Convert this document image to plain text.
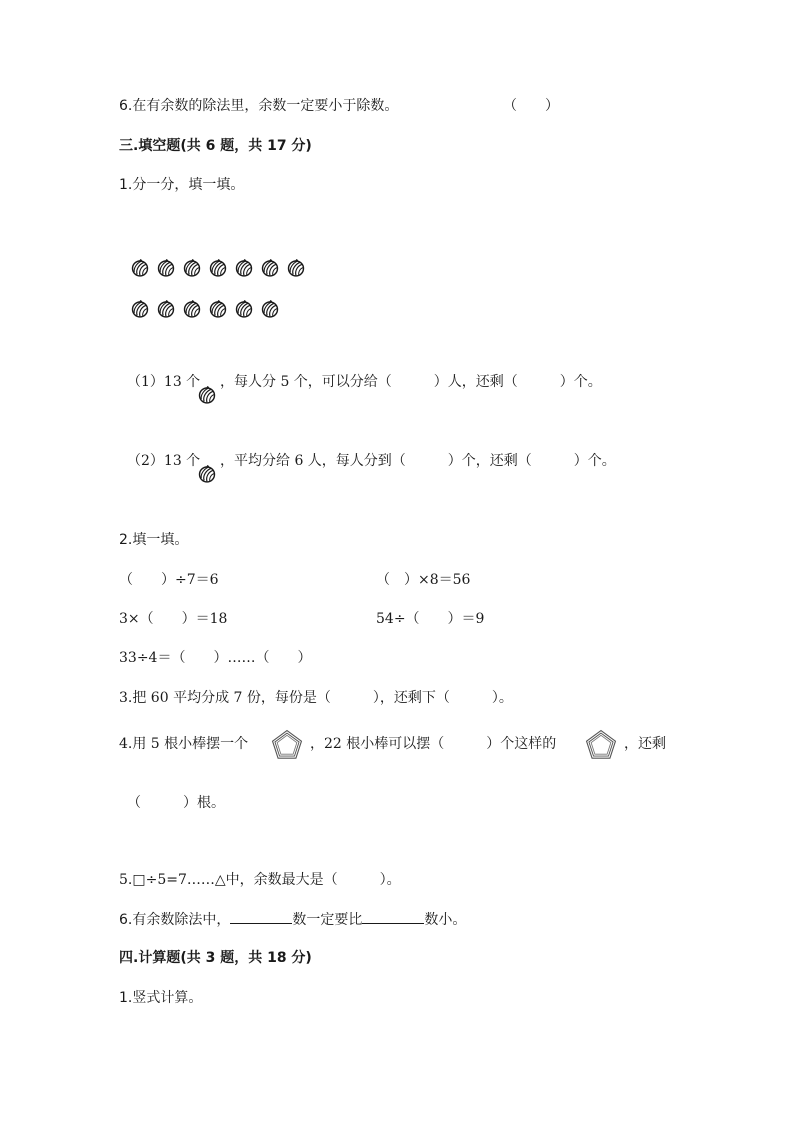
6.在有余数的除法里，余数一定要小于除数。	（　　）
三.填空题(共 6 题，共 17 分)
1.分一分，填一填。
（1）13 个 ，每人分 5 个，可以分给（　　　）人，还剩（　　　）个。
（2）13 个 ，平均分给 6 人，每人分到（　　　）个，还剩（　　　）个。
2.填一填。
（　　）÷7＝6	（　）×8＝56
3×（　　）＝18	54÷（　　）＝9
33÷4＝（　　）……（　　）
3.把 60 平均分成 7 份，每份是（　　　），还剩下（　　　）。
4.用 5 根小棒摆一个	，22 根小棒可以摆（　　　）个这样的	，还剩
（　　　）根。
5.□÷5=7……△中，余数最大是（　　　）。
6.有余数除法中，	数一定要比	数小。
四.计算题(共 3 题，共 18 分)
1.竖式计算。
